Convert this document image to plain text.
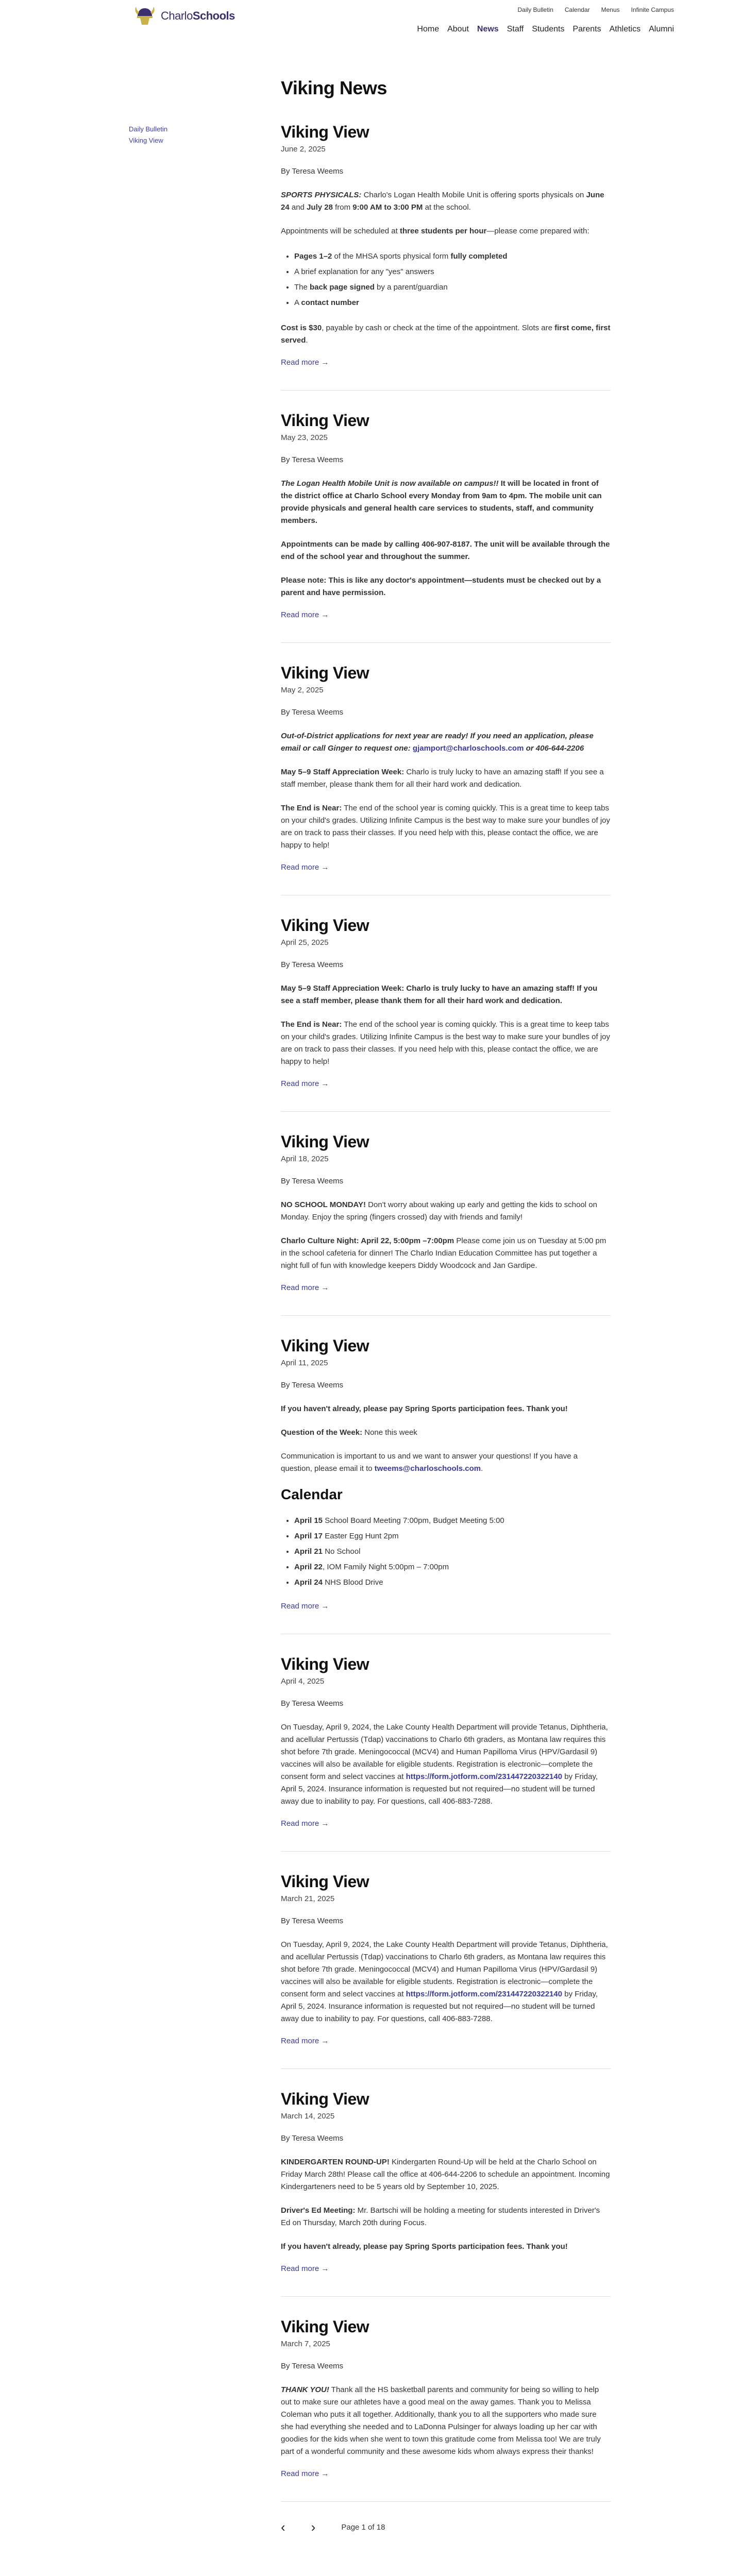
CharloSchools	Daily Bulletin Calendar Menus Infinite Campus
Home About News Staff Students Parents Athletics Alumni
Daily Bulletin
Viking View
Viking News
Viking View
June 2, 2025
By Teresa Weems

SPORTS PHYSICALS: Charlo's Logan Health Mobile Unit is offering sports physicals on June 24 and July 28 from 9:00 AM to 3:00 PM at the school.

Appointments will be scheduled at three students per hour—please come prepared with:

• Pages 1–2 of the MHSA sports physical form fully completed
• A brief explanation for any "yes" answers
• The back page signed by a parent/guardian
• A contact number

Cost is $30, payable by cash or check at the time of the appointment. Slots are first come, first served.

Read more →
Viking View
May 23, 2025
By Teresa Weems

The Logan Health Mobile Unit is now available on campus!! It will be located in front of the district office at Charlo School every Monday from 9am to 4pm. The mobile unit can provide physicals and general health care services to students, staff, and community members.

Appointments can be made by calling 406-907-8187. The unit will be available through the end of the school year and throughout the summer.

Please note: This is like any doctor's appointment—students must be checked out by a parent and have permission.

Read more →
Viking View
May 2, 2025
By Teresa Weems

Out-of-District applications for next year are ready! If you need an application, please email or call Ginger to request one: gjamport@charloschools.com or 406-644-2206

May 5–9 Staff Appreciation Week: Charlo is truly lucky to have an amazing staff! If you see a staff member, please thank them for all their hard work and dedication.

The End is Near: The end of the school year is coming quickly. This is a great time to keep tabs on your child's grades. Utilizing Infinite Campus is the best way to make sure your bundles of joy are on track to pass their classes. If you need help with this, please contact the office, we are happy to help!

Read more →
Viking View
April 25, 2025
By Teresa Weems

May 5–9 Staff Appreciation Week: Charlo is truly lucky to have an amazing staff! If you see a staff member, please thank them for all their hard work and dedication.

The End is Near: The end of the school year is coming quickly. This is a great time to keep tabs on your child's grades. Utilizing Infinite Campus is the best way to make sure your bundles of joy are on track to pass their classes. If you need help with this, please contact the office, we are happy to help!

Read more →
Viking View
April 18, 2025
By Teresa Weems

NO SCHOOL MONDAY! Don't worry about waking up early and getting the kids to school on Monday. Enjoy the spring (fingers crossed) day with friends and family!

Charlo Culture Night: April 22, 5:00pm –7:00pm Please come join us on Tuesday at 5:00 pm in the school cafeteria for dinner! The Charlo Indian Education Committee has put together a night full of fun with knowledge keepers Diddy Woodcock and Jan Gardipe.

Read more →
Viking View
April 11, 2025
By Teresa Weems

If you haven't already, please pay Spring Sports participation fees. Thank you!

Question of the Week: None this week

Communication is important to us and we want to answer your questions! If you have a question, please email it to tweems@charloschools.com.

Calendar
• April 15 School Board Meeting 7:00pm, Budget Meeting 5:00
• April 17 Easter Egg Hunt 2pm
• April 21 No School
• April 22, IOM Family Night 5:00pm – 7:00pm
• April 24 NHS Blood Drive
Read more →
Viking View
April 4, 2025
By Teresa Weems

On Tuesday, April 9, 2024, the Lake County Health Department will provide Tetanus, Diphtheria, and acellular Pertussis (Tdap) vaccinations to Charlo 6th graders, as Montana law requires this shot before 7th grade. Meningococcal (MCV4) and Human Papilloma Virus (HPV/Gardasil 9) vaccines will also be available for eligible students. Registration is electronic—complete the consent form and select vaccines at https://form.jotform.com/231447220322140 by Friday, April 5, 2024. Insurance information is requested but not required—no student will be turned away due to inability to pay. For questions, call 406-883-7288.

Read more →
Viking View
March 21, 2025
By Teresa Weems

On Tuesday, April 9, 2024, the Lake County Health Department will provide Tetanus, Diphtheria, and acellular Pertussis (Tdap) vaccinations to Charlo 6th graders, as Montana law requires this shot before 7th grade. Meningococcal (MCV4) and Human Papilloma Virus (HPV/Gardasil 9) vaccines will also be available for eligible students. Registration is electronic—complete the consent form and select vaccines at https://form.jotform.com/231447220322140 by Friday, April 5, 2024. Insurance information is requested but not required—no student will be turned away due to inability to pay. For questions, call 406-883-7288.

Read more →
Viking View
March 14, 2025
By Teresa Weems

KINDERGARTEN ROUND-UP! Kindergarten Round-Up will be held at the Charlo School on Friday March 28th! Please call the office at 406-644-2206 to schedule an appointment. Incoming Kindergarteners need to be 5 years old by September 10, 2025.

Driver's Ed Meeting: Mr. Bartschi will be holding a meeting for students interested in Driver's Ed on Thursday, March 20th during Focus.

If you haven't already, please pay Spring Sports participation fees. Thank you!

Read more →
Viking View
March 7, 2025
By Teresa Weems

THANK YOU! Thank all the HS basketball parents and community for being so willing to help out to make sure our athletes have a good meal on the away games. Thank you to Melissa Coleman who puts it all together. Additionally, thank you to all the supporters who made sure she had everything she needed and to LaDonna Pulsinger for always loading up her car with goodies for the kids when she went to town this gratitude come from Melissa too! We are truly part of a wonderful community and these awesome kids whom always express their thanks!

Read more →
‹ ›	Page 1 of 18
